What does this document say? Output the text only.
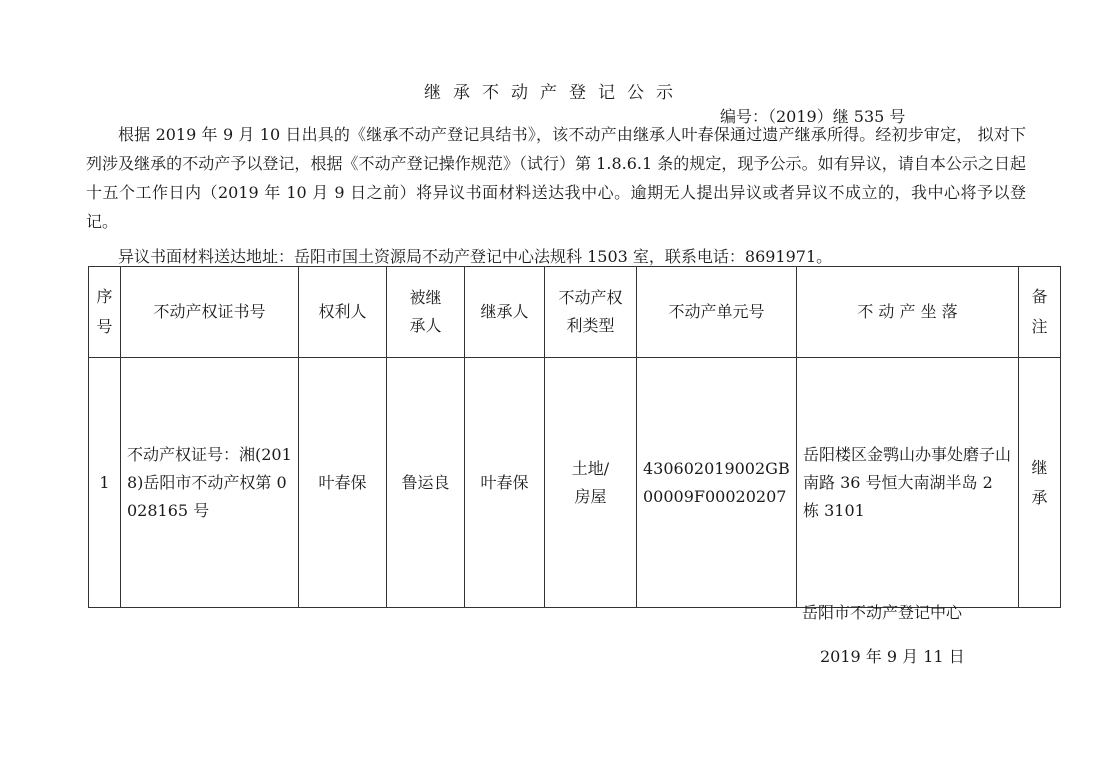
继承不动产登记公示
编号：（2019）继 535 号
根据 2019 年 9 月 10 日出具的《继承不动产登记具结书》，该不动产由继承人叶春保通过遗产继承所得。经初步审定， 拟对下列涉及继承的不动产予以登记，根据《不动产登记操作规范》（试行）第 1.8.6.1 条的规定，现予公示。如有异议，请自本公示之日起十五个工作日内（2019 年 10 月 9 日之前）将异议书面材料送达我中心。逾期无人提出异议或者异议不成立的，我中心将予以登记。
异议书面材料送达地址：岳阳市国土资源局不动产登记中心法规科 1503 室，联系电话：8691971。
序号	不动产权证书号	权利人	被继承人	继承人	不动产权利类型	不动产单元号	不 动 产 坐 落	备注
1	不动产权证号：湘(2018)岳阳市不动产权第 0028165 号	叶春保	鲁运良	叶春保	土地/房屋	430602019002GB00009F00020207	岳阳楼区金鹗山办事处磨子山南路 36 号恒大南湖半岛 2 栋 3101	继承
岳阳市不动产登记中心
2019 年 9 月 11 日
